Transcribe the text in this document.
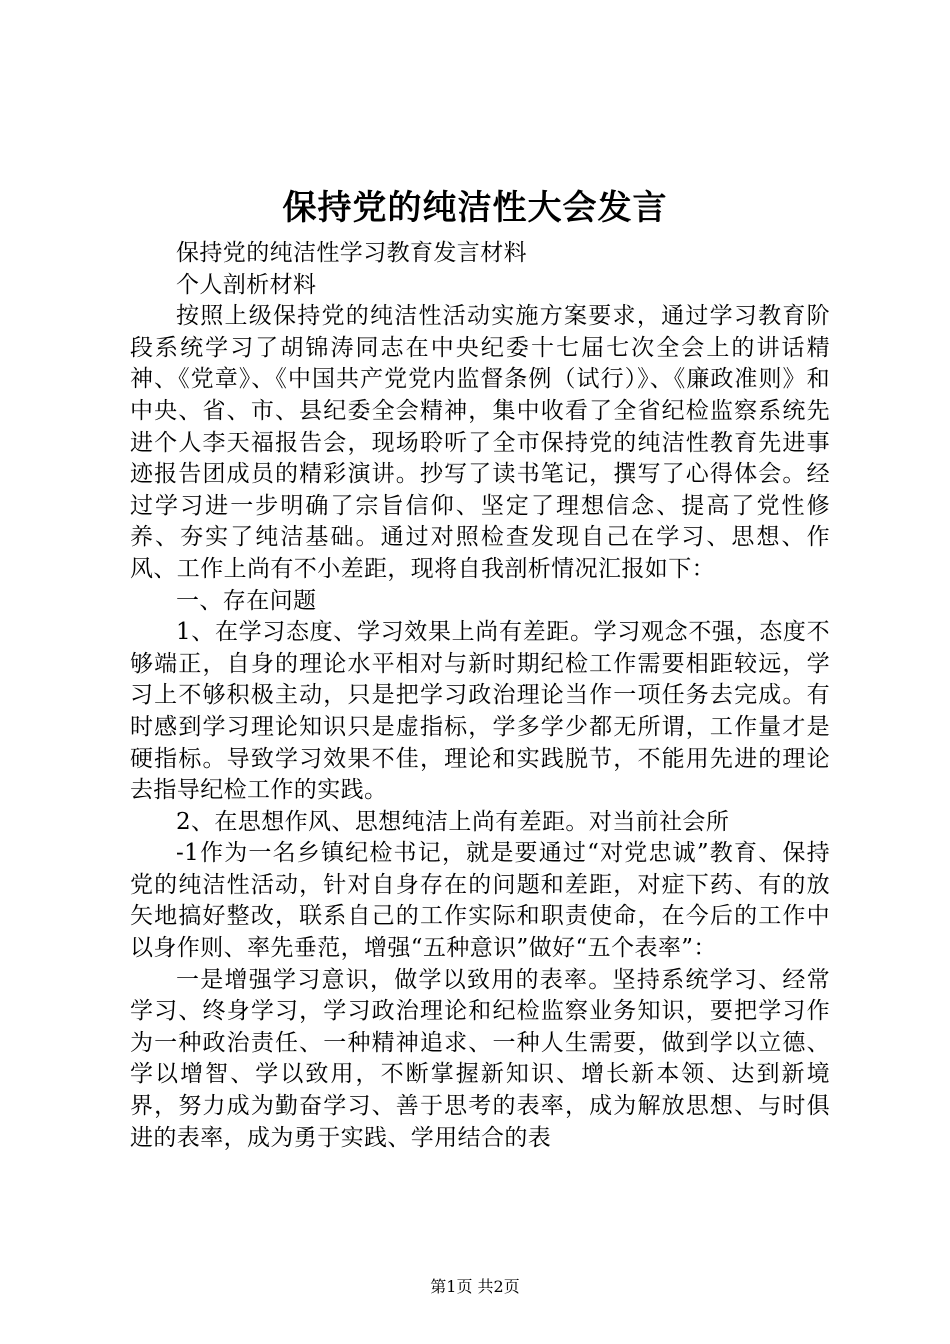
保持党的纯洁性大会发言

保持党的纯洁性学习教育发言材料

个人剖析材料

按照上级保持党的纯洁性活动实施方案要求，通过学习教育阶段系统学习了胡锦涛同志在中央纪委十七届七次全会上的讲话精神、《党章》、《中国共产党党内监督条例（试行）》、《廉政准则》和中央、省、市、县纪委全会精神，集中收看了全省纪检监察系统先进个人李天福报告会，现场聆听了全市保持党的纯洁性教育先进事迹报告团成员的精彩演讲。抄写了读书笔记，撰写了心得体会。经过学习进一步明确了宗旨信仰、坚定了理想信念、提高了党性修养、夯实了纯洁基础。通过对照检查发现自己在学习、思想、作风、工作上尚有不小差距，现将自我剖析情况汇报如下：

一、存在问题

1、在学习态度、学习效果上尚有差距。学习观念不强，态度不够端正，自身的理论水平相对与新时期纪检工作需要相距较远，学习上不够积极主动，只是把学习政治理论当作一项任务去完成。有时感到学习理论知识只是虚指标，学多学少都无所谓，工作量才是硬指标。导致学习效果不佳，理论和实践脱节，不能用先进的理论去指导纪检工作的实践。

2、在思想作风、思想纯洁上尚有差距。对当前社会所

-1作为一名乡镇纪检书记，就是要通过“对党忠诚”教育、保持党的纯洁性活动，针对自身存在的问题和差距，对症下药、有的放矢地搞好整改，联系自己的工作实际和职责使命，在今后的工作中以身作则、率先垂范，增强“五种意识”做好“五个表率”：

一是增强学习意识，做学以致用的表率。坚持系统学习、经常学习、终身学习，学习政治理论和纪检监察业务知识，要把学习作为一种政治责任、一种精神追求、一种人生需要，做到学以立德、学以增智、学以致用，不断掌握新知识、增长新本领、达到新境界，努力成为勤奋学习、善于思考的表率，成为解放思想、与时俱进的表率，成为勇于实践、学用结合的表

第1页 共2页
